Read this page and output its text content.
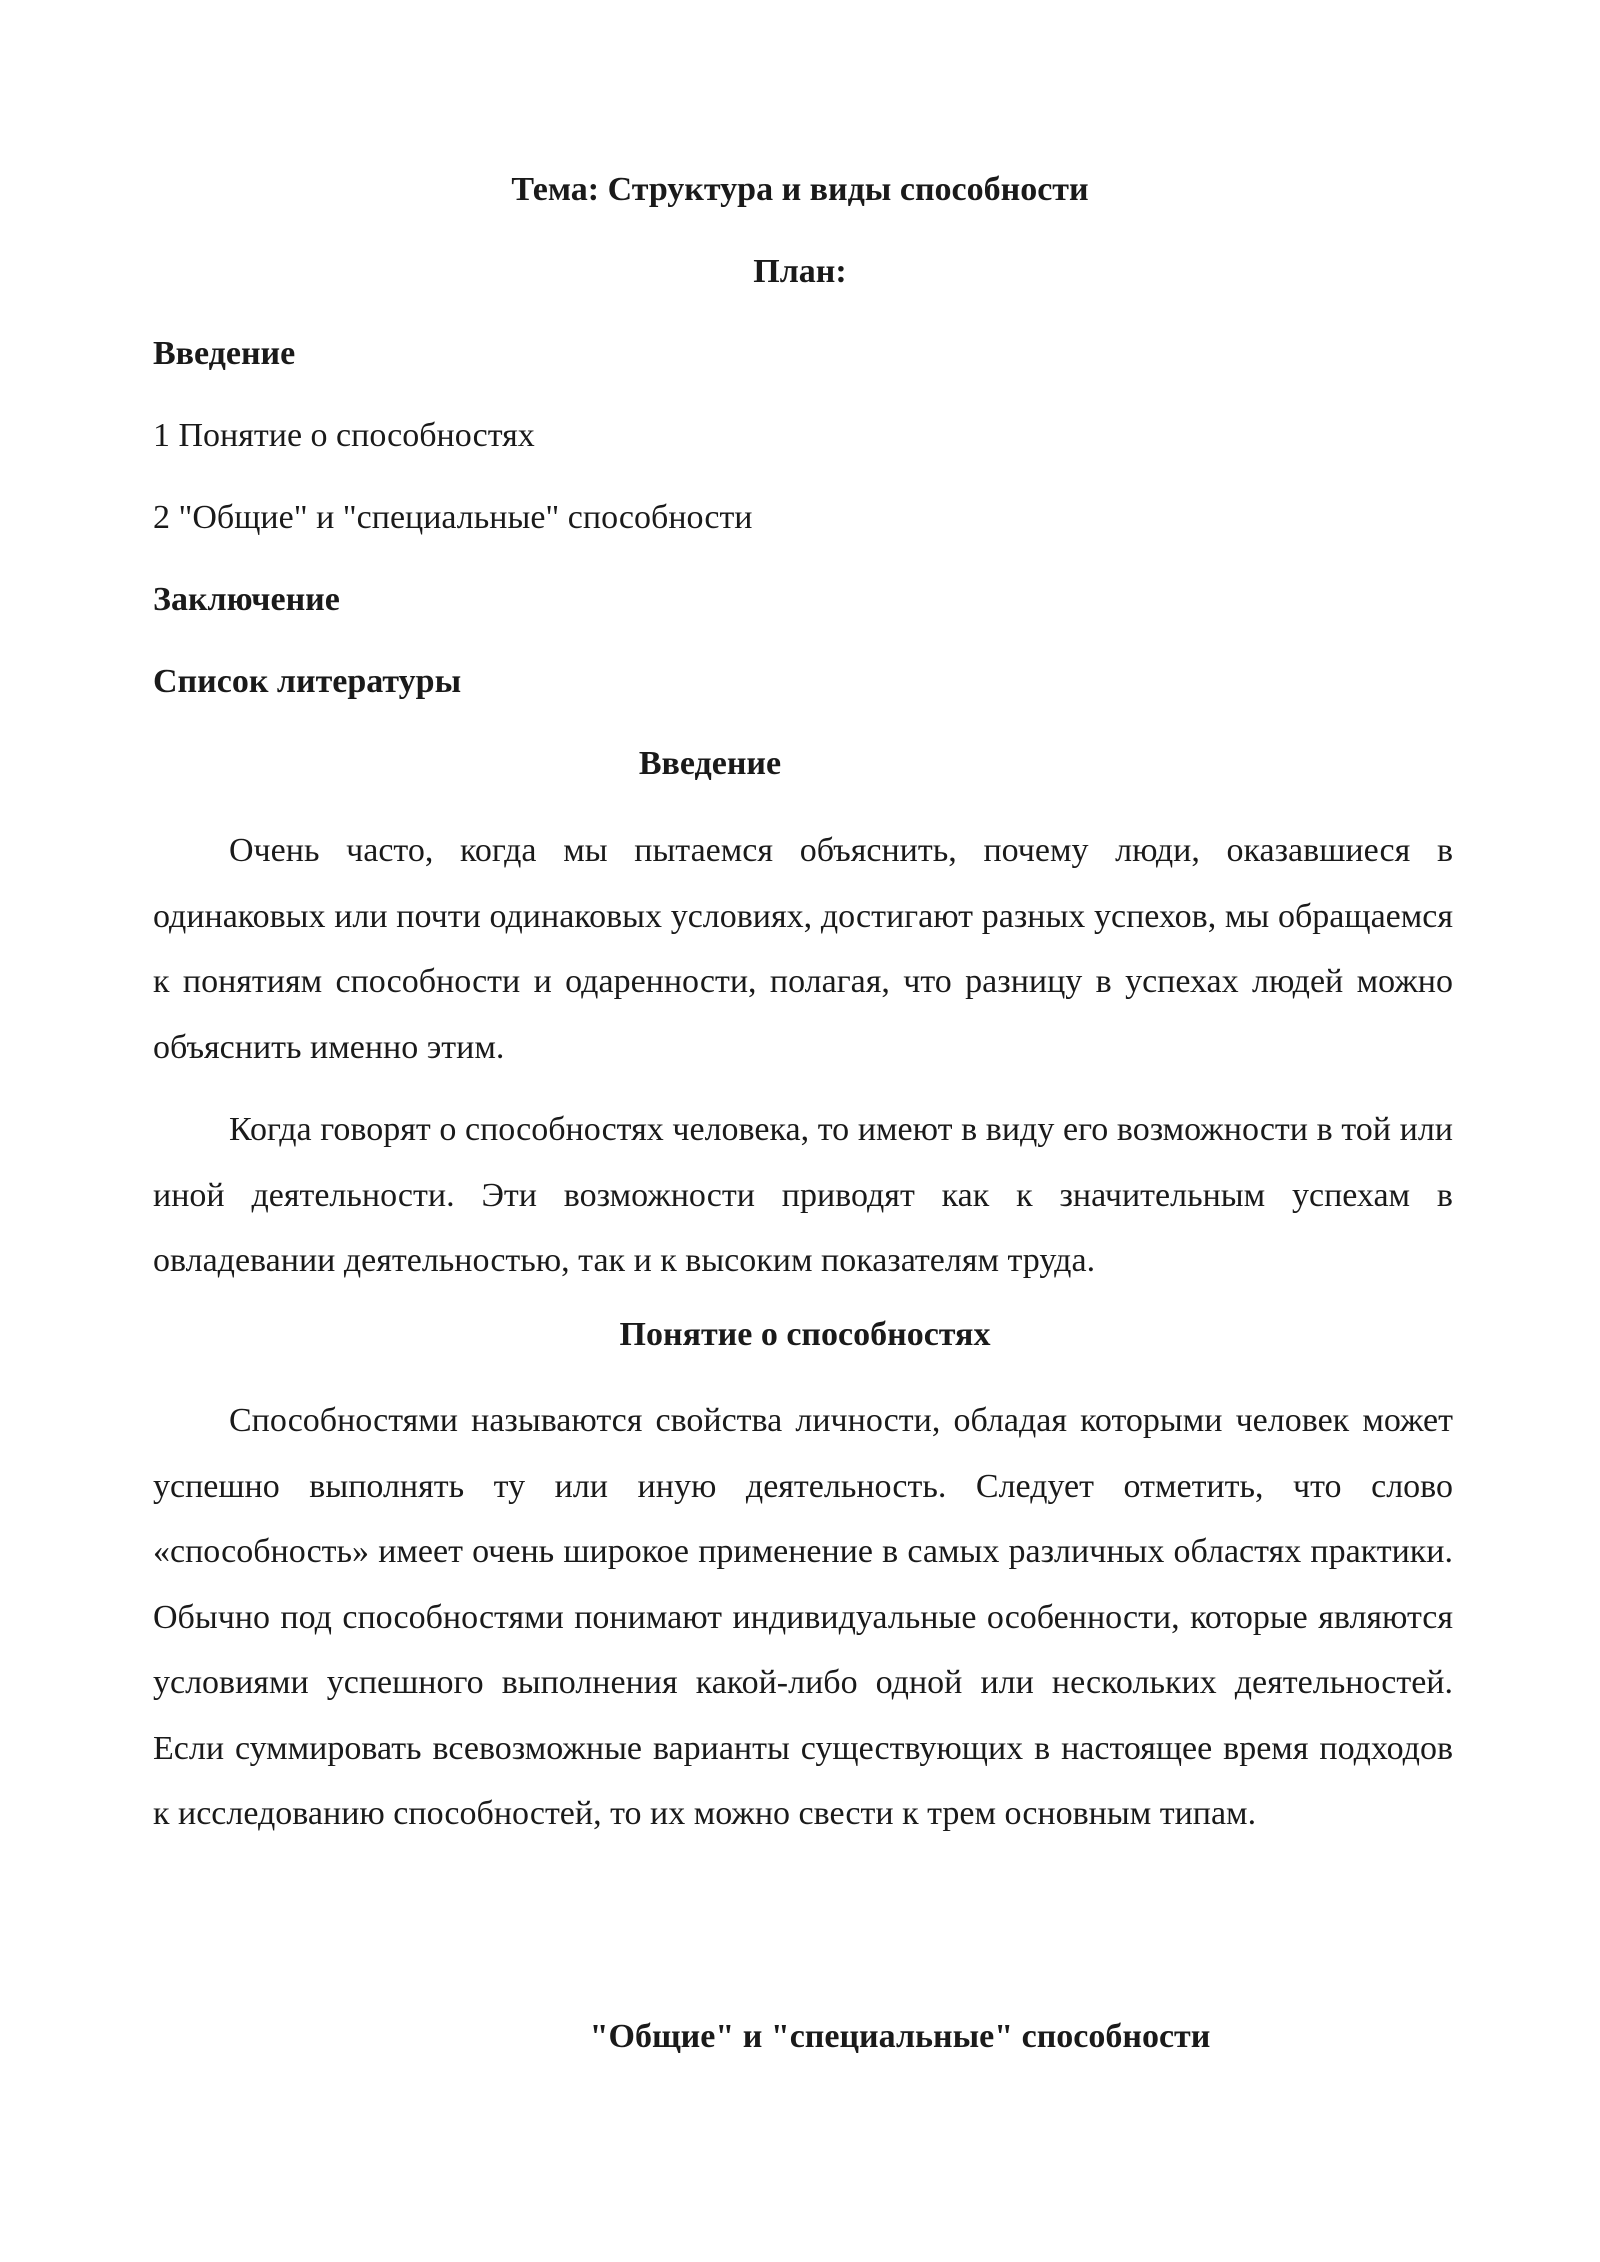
Тема: Структура и виды способности
План:
Введение
1 Понятие о способностях
2 "Общие" и "специальные" способности
Заключение
Список литературы
Введение

Очень часто, когда мы пытаемся объяснить, почему люди, оказавшиеся в одинаковых или почти одинаковых условиях, достигают разных успехов, мы обращаемся к понятиям способности и одаренности, полагая, что разницу в успехах людей можно объяснить именно этим.

Когда говорят о способностях человека, то имеют в виду его возможности в той или иной деятельности. Эти возможности приводят как к значительным успехам в овладевании деятельностью, так и к высоким показателям труда.

Понятие о способностях

Способностями называются свойства личности, обладая которыми человек может успешно выполнять ту или иную деятельность. Следует отметить, что слово «способность» имеет очень широкое применение в самых различных областях практики. Обычно под способностями понимают индивидуальные особенности, которые являются условиями успешного выполнения какой-либо одной или нескольких деятельностей. Если суммировать всевозможные варианты существующих в настоящее время подходов к исследованию способностей, то их можно свести к трем основным типам.

"Общие" и "специальные" способности
